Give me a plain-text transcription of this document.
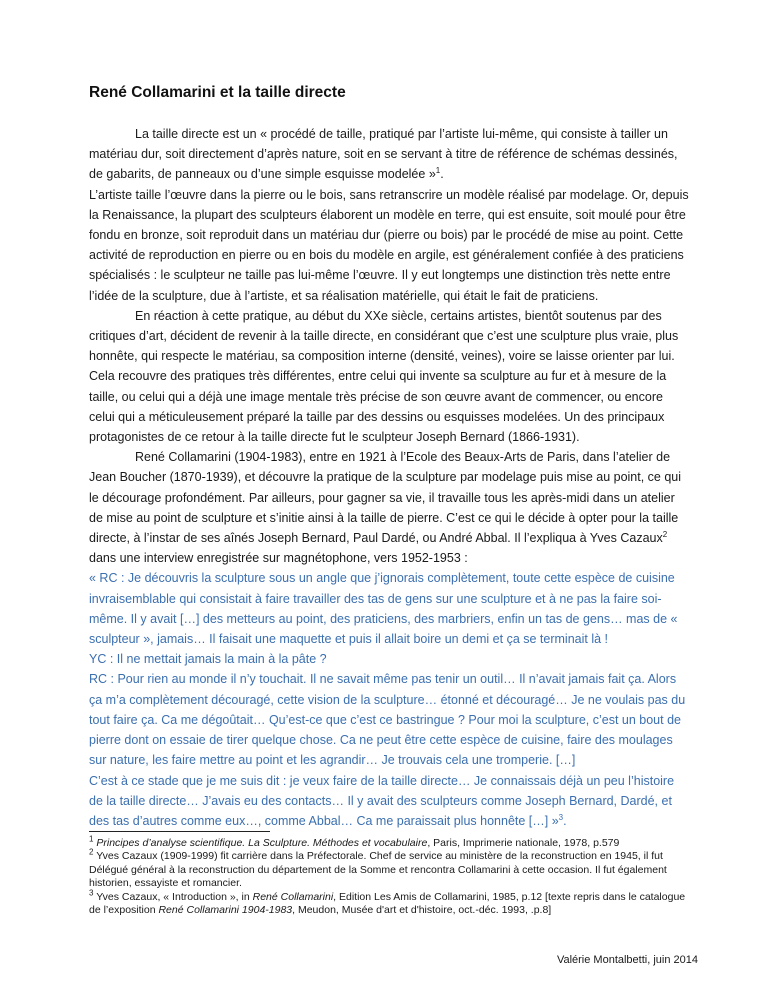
René Collamarini et la taille directe

La taille directe est un « procédé de taille, pratiqué par l’artiste lui-même, qui consiste à tailler un matériau dur, soit directement d’après nature, soit en se servant à titre de référence de schémas dessinés, de gabarits, de panneaux ou d’une simple esquisse modelée »$^1$.

L’artiste taille l’œuvre dans la pierre ou le bois, sans retranscrire un modèle réalisé par modelage. Or, depuis la Renaissance, la plupart des sculpteurs élaborent un modèle en terre, qui est ensuite, soit moulé pour être fondu en bronze, soit reproduit dans un matériau dur (pierre ou bois) par le procédé de mise au point. Cette activité de reproduction en pierre ou en bois du modèle en argile, est généralement confiée à des praticiens spécialisés : le sculpteur ne taille pas lui-même l’œuvre. Il y eut longtemps une distinction très nette entre l’idée de la sculpture, due à l’artiste, et sa réalisation matérielle, qui était le fait de praticiens.

En réaction à cette pratique, au début du XXe siècle, certains artistes, bientôt soutenus par des critiques d’art, décident de revenir à la taille directe, en considérant que c’est une sculpture plus vraie, plus honnête, qui respecte le matériau, sa composition interne (densité, veines), voire se laisse orienter par lui. Cela recouvre des pratiques très différentes, entre celui qui invente sa sculpture au fur et à mesure de la taille, ou celui qui a déjà une image mentale très précise de son œuvre avant de commencer, ou encore celui qui a méticuleusement préparé la taille par des dessins ou esquisses modelées. Un des principaux protagonistes de ce retour à la taille directe fut le sculpteur Joseph Bernard (1866-1931).

René Collamarini (1904-1983), entre en 1921 à l’Ecole des Beaux-Arts de Paris, dans l’atelier de Jean Boucher (1870-1939), et découvre la pratique de la sculpture par modelage puis mise au point, ce qui le décourage profondément. Par ailleurs, pour gagner sa vie, il travaille tous les après-midi dans un atelier de mise au point de sculpture et s’initie ainsi à la taille de pierre. C’est ce qui le décide à opter pour la taille directe, à l’instar de ses aînés Joseph Bernard, Paul Dardé, ou André Abbal. Il l’expliqua à Yves Cazaux$^2$ dans une interview enregistrée sur magnétophone, vers 1952-1953 :

« RC : Je découvris la sculpture sous un angle que j’ignorais complètement, toute cette espèce de cuisine invraisemblable qui consistait à faire travailler des tas de gens sur une sculpture et à ne pas la faire soi-même. Il y avait […] des metteurs au point, des praticiens, des marbriers, enfin un tas de gens… mas de « sculpteur », jamais… Il faisait une maquette et puis il allait boire un demi et ça se terminait là !

YC : Il ne mettait jamais la main à la pâte ?

RC : Pour rien au monde il n’y touchait. Il ne savait même pas tenir un outil… Il n’avait jamais fait ça. Alors ça m’a complètement découragé, cette vision de la sculpture… étonné et découragé… Je ne voulais pas du tout faire ça. Ca me dégoûtait… Qu’est-ce que c’est ce bastringue ? Pour moi la sculpture, c’est un bout de pierre dont on essaie de tirer quelque chose. Ca ne peut être cette espèce de cuisine, faire des moulages sur nature, les faire mettre au point et les agrandir… Je trouvais cela une tromperie. […]

C’est à ce stade que je me suis dit : je veux faire de la taille directe… Je connaissais déjà un peu l’histoire de la taille directe… J’avais eu des contacts… Il y avait des sculpteurs comme Joseph Bernard, Dardé, et des tas d’autres comme eux…, comme Abbal… Ca me paraissait plus honnête […] »$^3$.

$^1$ Principes d’analyse scientifique. La Sculpture. Méthodes et vocabulaire, Paris, Imprimerie nationale, 1978, p.579

$^2$ Yves Cazaux (1909-1999) fit carrière dans la Préfectorale. Chef de service au ministère de la reconstruction en 1945, il fut Délégué général à la reconstruction du département de la Somme et rencontra Collamarini à cette occasion. Il fut également historien, essayiste et romancier.

$^3$ Yves Cazaux, « Introduction », in René Collamarini, Edition Les Amis de Collamarini, 1985, p.12 [texte repris dans le catalogue de l’exposition René Collamarini 1904-1983, Meudon, Musée d'art et d'histoire, oct.-déc. 1993, .p.8]

Valérie Montalbetti, juin 2014
